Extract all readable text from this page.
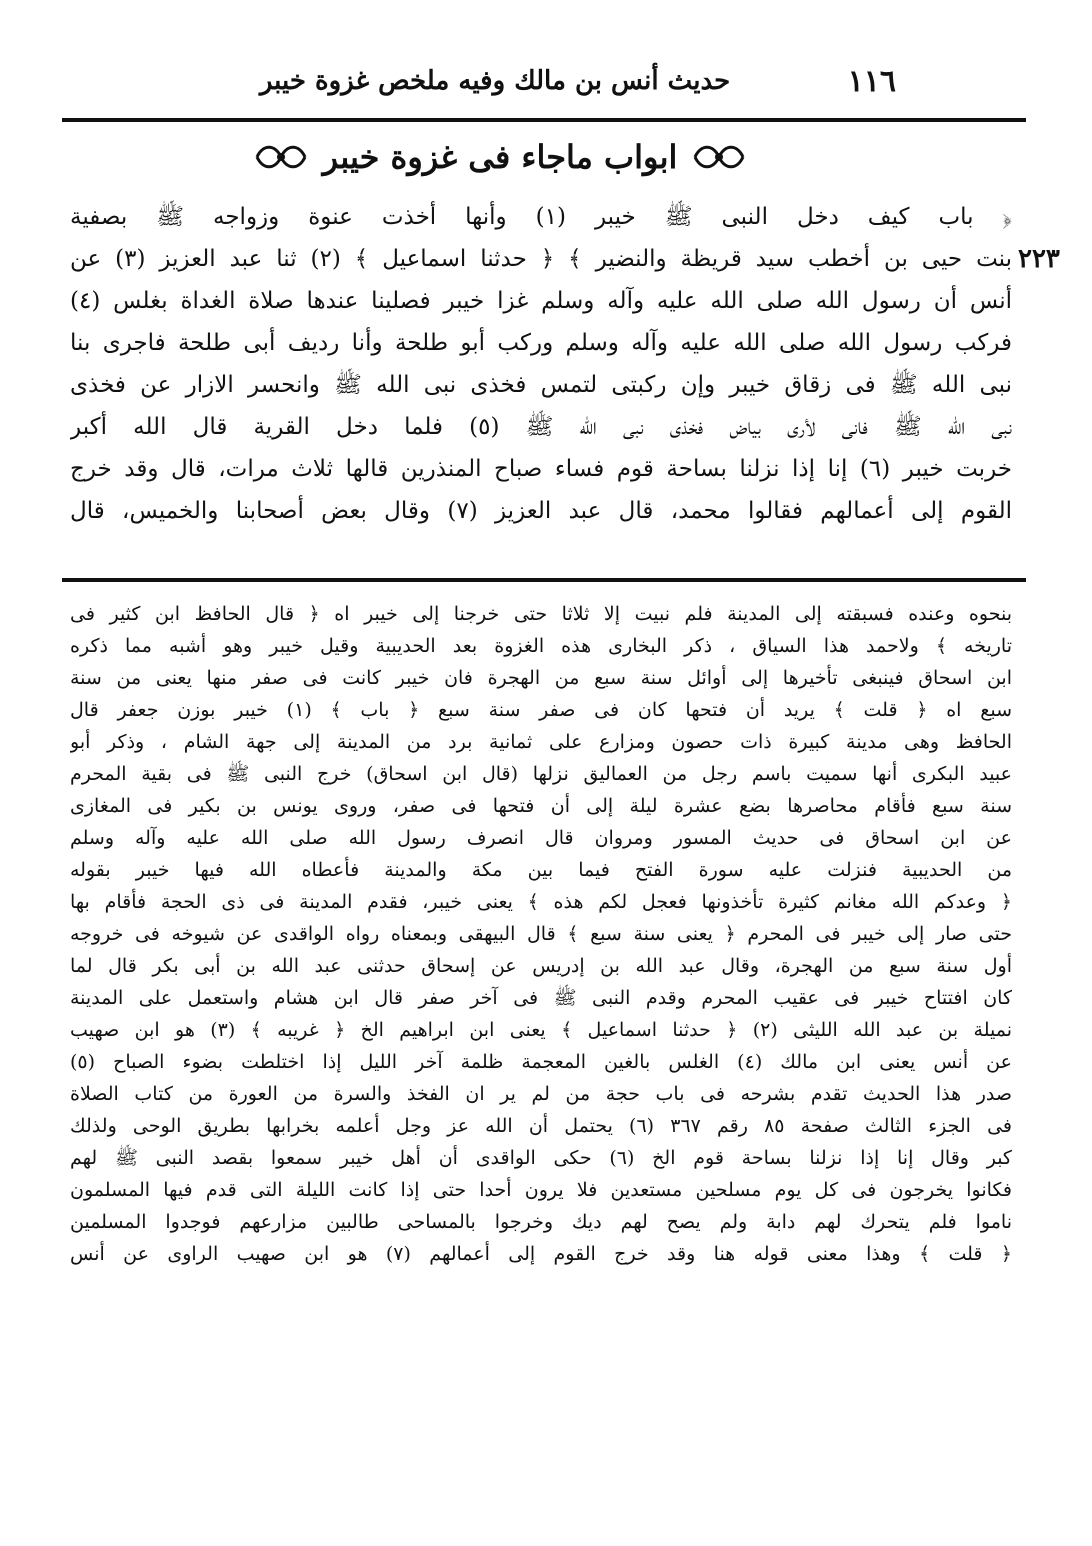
حديث أنس بن مالك وفيه ملخص غزوة خيبر	١١٦
ابواب ماجاء فى غزوة خيبر
٢٢٣
﴿ باب كيف دخل النبى ﷺ خيبر (١) وأنها أخذت عنوة وزواجه ﷺ بصفية
بنت حيى بن أخطب سيد قريظة والنضير ﴾ ﴿ حدثنا اسماعيل ﴾ (٢) ثنا عبد العزيز (٣) عن
أنس أن رسول الله صلى الله عليه وآله وسلم غزا خيبر فصلينا عندها صلاة الغداة بغلس (٤)
فركب رسول الله صلى الله عليه وآله وسلم وركب أبو طلحة وأنا رديف أبى طلحة فاجرى بنا
نبى الله ﷺ فى زقاق خيبر وإن ركبتى لتمس فخذى نبى الله ﷺ وانحسر الازار عن فخذى
نبى الله ﷺ فانى لأرى بياض فخذى نبى الله ﷺ (٥) فلما دخل القرية قال الله أكبر
خربت خيبر (٦) إنا إذا نزلنا بساحة قوم فساء صباح المنذرين قالها ثلاث مرات، قال وقد خرج
القوم إلى أعمالهم فقالوا محمد، قال عبد العزيز (٧) وقال بعض أصحابنا والخميس، قال
بنحوه وعنده فسبقته إلى المدينة فلم نبيت إلا ثلاثا حتى خرجنا إلى خيبر اه ﴿ قال الحافظ ابن كثير فى
تاريخه ﴾ ولاحمد هذا السياق ، ذكر البخارى هذه الغزوة بعد الحديبية وقيل خيبر وهو أشبه مما ذكره
ابن اسحاق فينبغى تأخيرها إلى أوائل سنة سبع من الهجرة فان خيبر كانت فى صفر منها يعنى من سنة
سبع اه ﴿ قلت ﴾ يريد أن فتحها كان فى صفر سنة سبع ﴿ باب ﴾ (١) خيبر بوزن جعفر قال
الحافظ وهى مدينة كبيرة ذات حصون ومزارع على ثمانية برد من المدينة إلى جهة الشام ، وذكر أبو
عبيد البكرى أنها سميت باسم رجل من العماليق نزلها (قال ابن اسحاق) خرج النبى ﷺ فى بقية المحرم
سنة سبع فأقام محاصرها بضع عشرة ليلة إلى أن فتحها فى صفر، وروى يونس بن بكير فى المغازى
عن ابن اسحاق فى حديث المسور ومروان قال انصرف رسول الله صلى الله عليه وآله وسلم
من الحديبية فنزلت عليه سورة الفتح فيما بين مكة والمدينة فأعطاه الله فيها خيبر بقوله
﴿ وعدكم الله مغانم كثيرة تأخذونها فعجل لكم هذه ﴾ يعنى خيبر، فقدم المدينة فى ذى الحجة فأقام بها
حتى صار إلى خيبر فى المحرم ﴿ يعنى سنة سبع ﴾ قال البيهقى وبمعناه رواه الواقدى عن شيوخه فى خروجه
أول سنة سبع من الهجرة، وقال عبد الله بن إدريس عن إسحاق حدثنى عبد الله بن أبى بكر قال لما
كان افتتاح خيبر فى عقيب المحرم وقدم النبى ﷺ فى آخر صفر قال ابن هشام واستعمل على المدينة
نميلة بن عبد الله الليثى (٢) ﴿ حدثنا اسماعيل ﴾ يعنى ابن ابراهيم الخ ﴿ غريبه ﴾ (٣) هو ابن صهيب
عن أنس يعنى ابن مالك (٤) الغلس بالغين المعجمة ظلمة آخر الليل إذا اختلطت بضوء الصباح (٥)
صدر هذا الحديث تقدم بشرحه فى باب حجة من لم ير ان الفخذ والسرة من العورة من كتاب الصلاة
فى الجزء الثالث صفحة ٨٥ رقم ٣٦٧ (٦) يحتمل أن الله عز وجل أعلمه بخرابها بطريق الوحى ولذلك
كبر وقال إنا إذا نزلنا بساحة قوم الخ (٦) حكى الواقدى أن أهل خيبر سمعوا بقصد النبى ﷺ لهم
فكانوا يخرجون فى كل يوم مسلحين مستعدين فلا يرون أحدا حتى إذا كانت الليلة التى قدم فيها المسلمون
ناموا فلم يتحرك لهم دابة ولم يصح لهم ديك وخرجوا بالمساحى طالبين مزارعهم فوجدوا المسلمين
﴿ قلت ﴾ وهذا معنى قوله هنا وقد خرج القوم إلى أعمالهم (٧) هو ابن صهيب الراوى عن أنس
